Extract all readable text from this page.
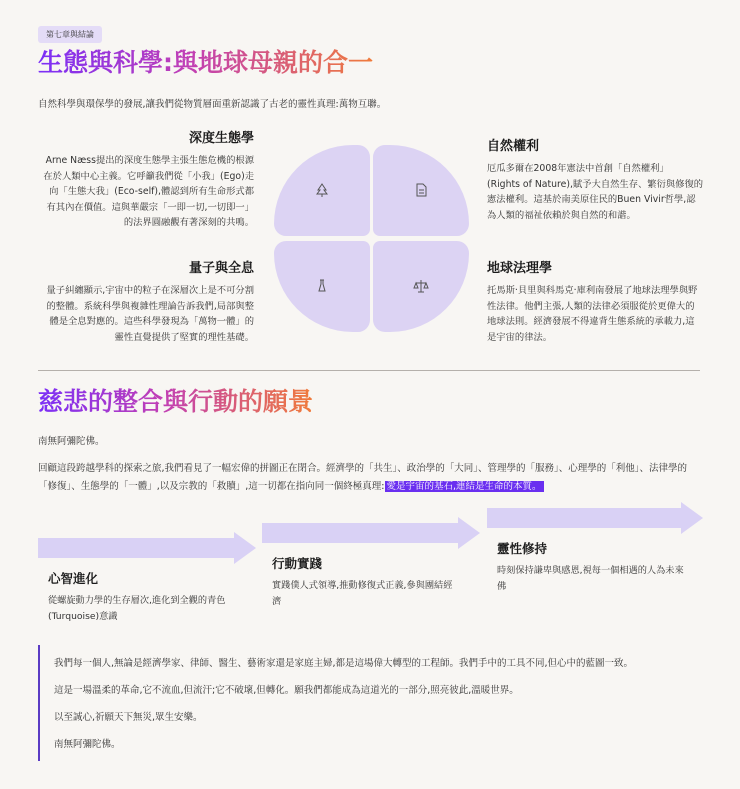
第七章與結論
生態與科學:與地球母親的合一
自然科學與環保學的發展,讓我們從物質層面重新認識了古老的靈性真理:萬物互聯。
深度生態學
Arne Næss提出的深度生態學主張生態危機的根源
在於人類中心主義。它呼籲我們從「小我」(Ego)走
向「生態大我」(Eco-self),體認到所有生命形式都
有其內在價值。這與華嚴宗「一即一切,一切即一」
的法界圓融觀有著深刻的共鳴。
自然權利
厄瓜多爾在2008年憲法中首創「自然權利」
(Rights of Nature),賦予大自然生存、繁衍與修復的
憲法權利。這基於南美原住民的Buen Vivir哲學,認
為人類的福祉依賴於與自然的和諧。
量子與全息
量子糾纏顯示,宇宙中的粒子在深層次上是不可分割
的整體。系統科學與複雜性理論告訴我們,局部與整
體是全息對應的。這些科學發現為「萬物一體」的
靈性直覺提供了堅實的理性基礎。
地球法理學
托馬斯·貝里與科馬克·庫利南發展了地球法理學與野
性法律。他們主張,人類的法律必須服從於更偉大的
地球法則。經濟發展不得違背生態系統的承載力,這
是宇宙的律法。
慈悲的整合與行動的願景
南無阿彌陀佛。
回顧這段跨越學科的探索之旅,我們看見了一幅宏偉的拼圖正在閉合。經濟學的「共生」、政治學的「大同」、管理學的「服務」、心理學的「利他」、法律學的
「修復」、生態學的「一體」,以及宗教的「救贖」,這一切都在指向同一個終極真理: 愛是宇宙的基石,連結是生命的本質。
心智進化
從螺旋動力學的生存層次,進化到全觀的青色
(Turquoise)意識
行動實踐
實踐僕人式領導,推動修復式正義,參與團結經
濟
靈性修持
時刻保持謙卑與感恩,視每一個相遇的人為未來
佛
我們每一個人,無論是經濟學家、律師、醫生、藝術家還是家庭主婦,都是這場偉大轉型的工程師。我們手中的工具不同,但心中的藍圖一致。
這是一場溫柔的革命,它不流血,但流汗;它不破壞,但轉化。願我們都能成為這道光的一部分,照亮彼此,溫暖世界。
以至誠心,祈願天下無災,眾生安樂。
南無阿彌陀佛。
